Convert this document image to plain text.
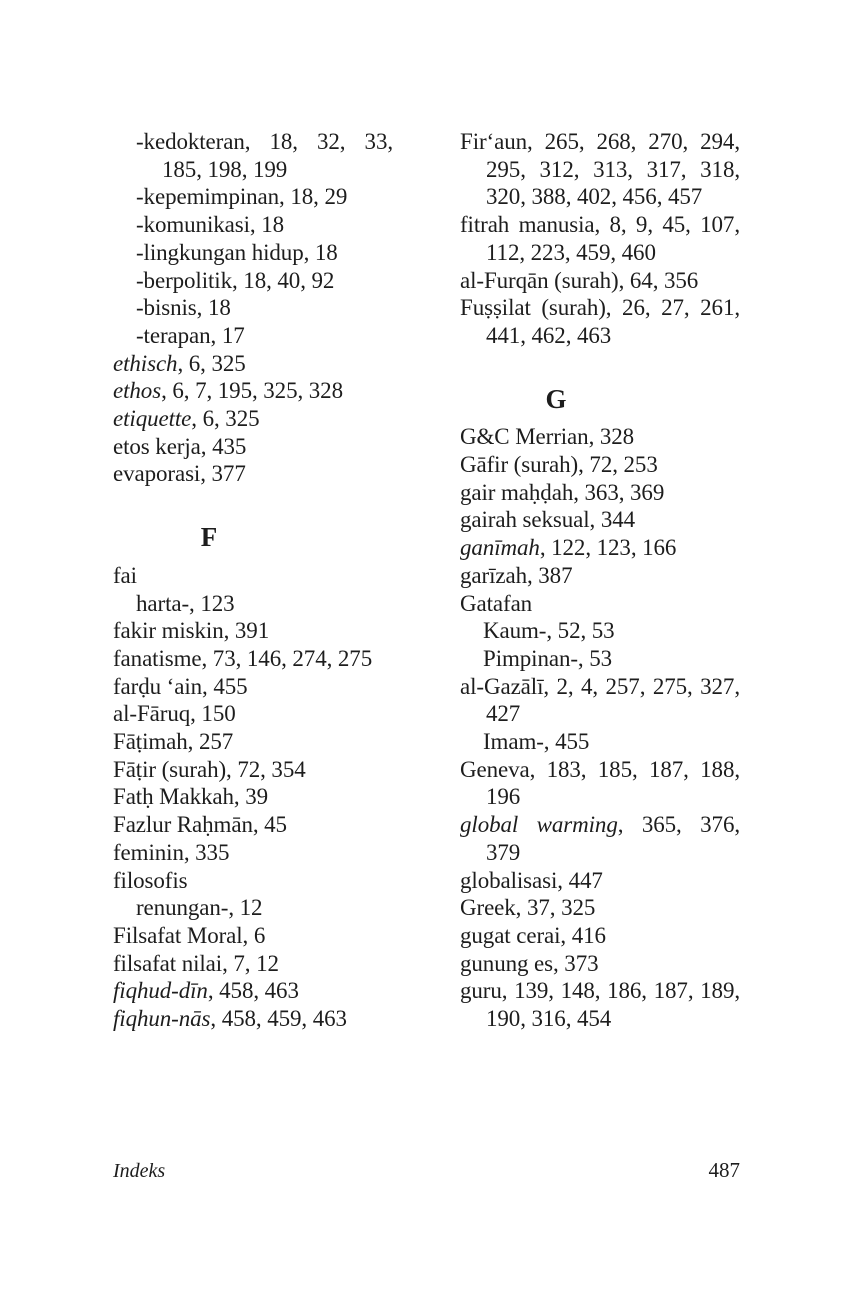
-kedokteran, 18, 32, 33, 185, 198, 199

-kepemimpinan, 18, 29

-komunikasi, 18

-lingkungan hidup, 18

-berpolitik, 18, 40, 92

-bisnis, 18

-terapan, 17

ethisch, 6, 325

ethos, 6, 7, 195, 325, 328

etiquette, 6, 325

etos kerja, 435

evaporasi, 377

F

fai

harta-, 123

fakir miskin, 391

fanatisme, 73, 146, 274, 275

farḍu ʻain, 455

al-Fāruq, 150

Fāṭimah, 257

Fāṭir (surah), 72, 354

Fatḥ Makkah, 39

Fazlur Raḥmān, 45

feminin, 335

filosofis

renungan-, 12

Filsafat Moral, 6

filsafat nilai, 7, 12

fiqhud-dīn, 458, 463

fiqhun-nās, 458, 459, 463

Firʻaun, 265, 268, 270, 294, 295, 312, 313, 317, 318, 320, 388, 402, 456, 457

fitrah manusia, 8, 9, 45, 107, 112, 223, 459, 460

al-Furqān (surah), 64, 356

Fuṣṣilat (surah), 26, 27, 261, 441, 462, 463

G

G&C Merrian, 328

Gāfir (surah), 72, 253

gair maḥḍah, 363, 369

gairah seksual, 344

ganīmah, 122, 123, 166

garīzah, 387

Gatafan

Kaum-, 52, 53

Pimpinan-, 53

al-Gazālī, 2, 4, 257, 275, 327, 427

Imam-, 455

Geneva, 183, 185, 187, 188, 196

global warming, 365, 376, 379

globalisasi, 447

Greek, 37, 325

gugat cerai, 416

gunung es, 373

guru, 139, 148, 186, 187, 189, 190, 316, 454

Indeks	487
